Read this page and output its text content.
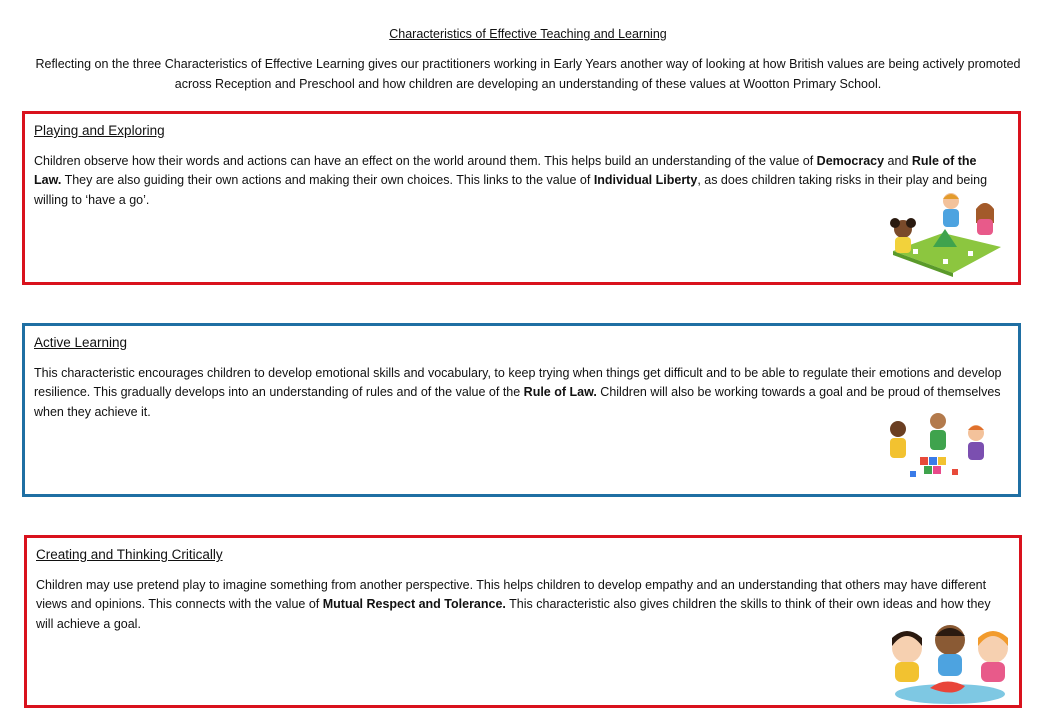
Characteristics of Effective Teaching and Learning
Reflecting on the three Characteristics of Effective Learning gives our practitioners working in Early Years another way of looking at how British values are being actively promoted across Reception and Preschool and how children are developing an understanding of these values at Wootton Primary School.
Playing and Exploring
Children observe how their words and actions can have an effect on the world around them. This helps build an understanding of the value of Democracy and Rule of the Law. They are also guiding their own actions and making their own choices. This links to the value of Individual Liberty, as does children taking risks in their play and being willing to ‘have a go’.
Active Learning
This characteristic encourages children to develop emotional skills and vocabulary, to keep trying when things get difficult and to be able to regulate their emotions and develop resilience. This gradually develops into an understanding of rules and of the value of the Rule of Law. Children will also be working towards a goal and be proud of themselves when they achieve it.
Creating and Thinking Critically
Children may use pretend play to imagine something from another perspective. This helps children to develop empathy and an understanding that others may have different views and opinions. This connects with the value of Mutual Respect and Tolerance. This characteristic also gives children the skills to think of their own ideas and how they will achieve a goal.
